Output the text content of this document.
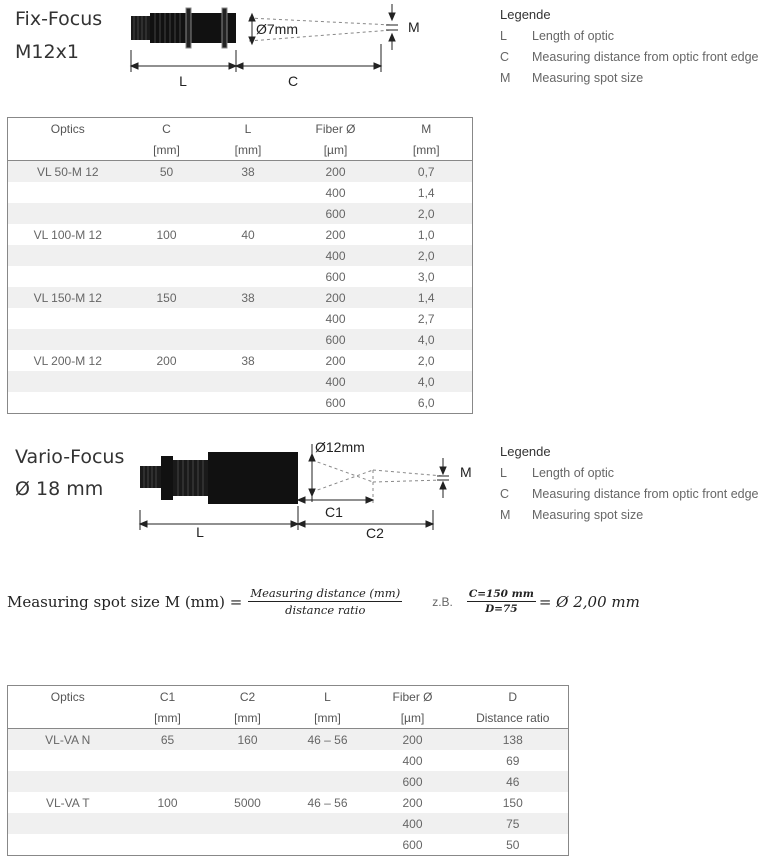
Fix-Focus
M12x1
Ø7mm	M
L	C
Legende
L	Length of optic
C	Measuring distance from optic front edge
M	Measuring spot size
Optics	C	L	Fiber Ø	M
	[mm]	[mm]	[µm]	[mm]
VL 50-M 12	50	38	200	0,7
			400	1,4
			600	2,0
VL 100-M 12	100	40	200	1,0
			400	2,0
			600	3,0
VL 150-M 12	150	38	200	1,4
			400	2,7
			600	4,0
VL 200-M 12	200	38	200	2,0
			400	4,0
			600	6,0
Vario-Focus
Ø 18 mm
Ø12mm
M
C1
L	C2
Legende
L	Length of optic
C	Measuring distance from optic front edge
M	Measuring spot size
Measuring spot size M $(mm) = \frac{\text{Measuring distance (mm)}}{\text{distance ratio}}$	z.B. $\frac{C=150 mm}{D=75}$ = Ø 2,00 mm
Optics	C1	C2	L	Fiber Ø	D
	[mm]	[mm]	[mm]	[µm]	Distance ratio
VL-VA N	65	160	46 – 56	200	138
				400	69
				600	46
VL-VA T	100	5000	46 – 56	200	150
				400	75
				600	50
